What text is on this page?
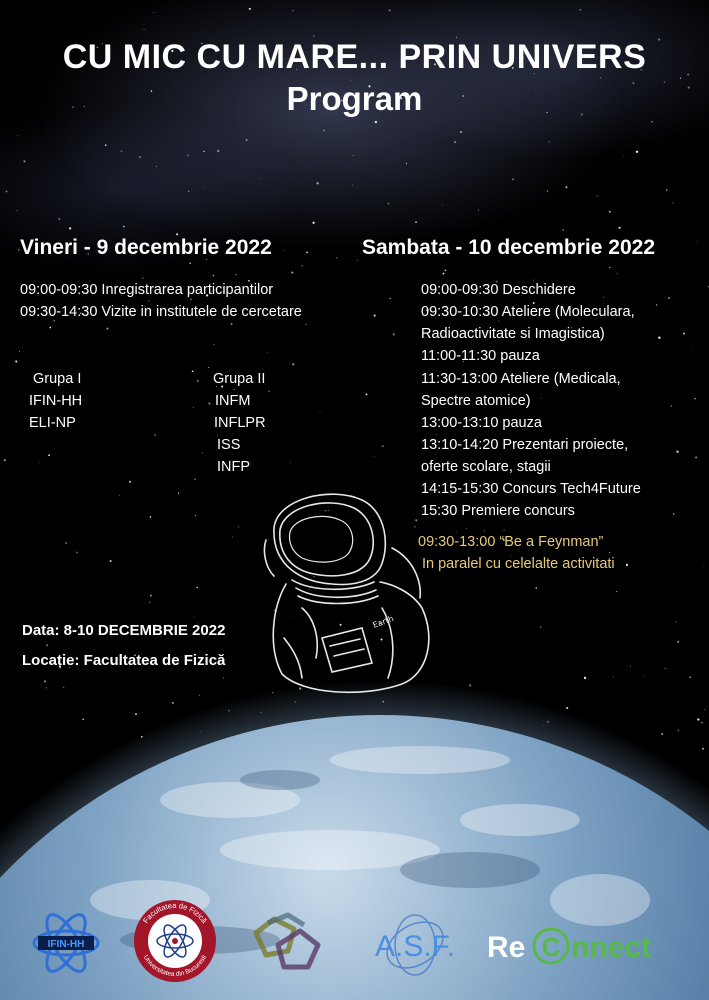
CU MIC CU MARE... PRIN UNIVERS
Program
Vineri - 9 decembrie 2022	Sambata - 10 decembrie 2022
09:00-09:30 Inregistrarea participantilor
09:30-14:30 Vizite in institutele de cercetare
Grupa I
IFIN-HH
ELI-NP
Grupa II
INFM
INFLPR
ISS
INFP
09:00-09:30 Deschidere
09:30-10:30 Ateliere (Moleculara,
Radioactivitate si Imagistica)
11:00-11:30 pauza
11:30-13:00 Ateliere (Medicala,
Spectre atomice)
13:00-13:10 pauza
13:10-14:20 Prezentari proiecte,
oferte scolare, stagii
14:15-15:30 Concurs Tech4Future
15:30 Premiere concurs
09:30-13:00 “Be a Feynman”
In paralel cu celelalte activitati
Data: 8-10 DECEMBRIE 2022
Locație: Facultatea de Fizică
Earth
IFIN-HH
Facultatea de Fizică
Universitatea din Bucuresti	A.S.F. Re C nnect
